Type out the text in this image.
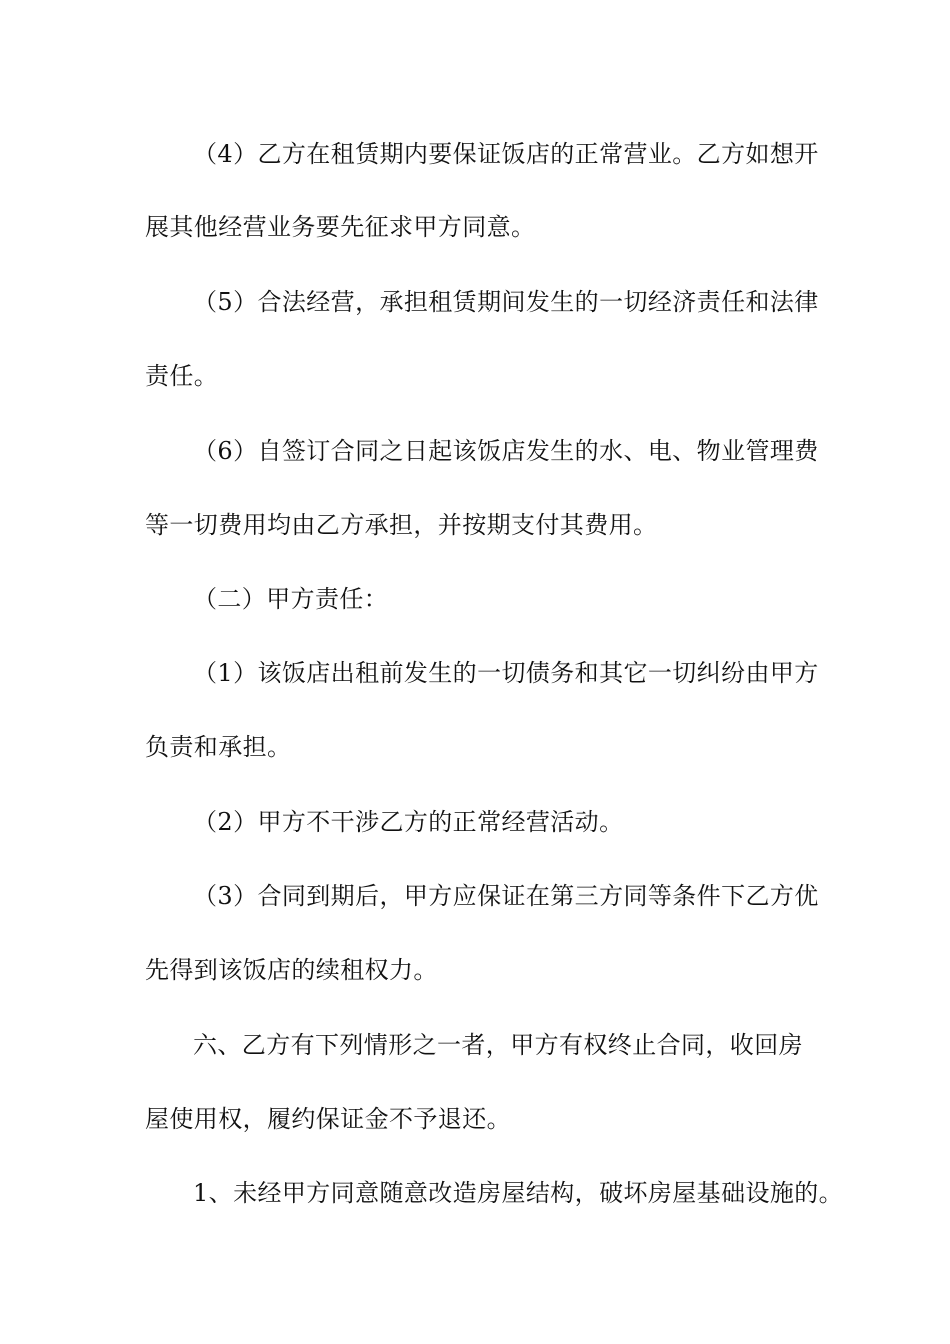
（4）乙方在租赁期内要保证饭店的正常营业。乙方如想开
展其他经营业务要先征求甲方同意。
（5）合法经营，承担租赁期间发生的一切经济责任和法律
责任。
（6）自签订合同之日起该饭店发生的水、电、物业管理费
等一切费用均由乙方承担，并按期支付其费用。
（二）甲方责任：
（1）该饭店出租前发生的一切债务和其它一切纠纷由甲方
负责和承担。
（2）甲方不干涉乙方的正常经营活动。
（3）合同到期后，甲方应保证在第三方同等条件下乙方优
先得到该饭店的续租权力。
六、乙方有下列情形之一者，甲方有权终止合同，收回房
屋使用权，履约保证金不予退还。
1、未经甲方同意随意改造房屋结构，破坏房屋基础设施的。
